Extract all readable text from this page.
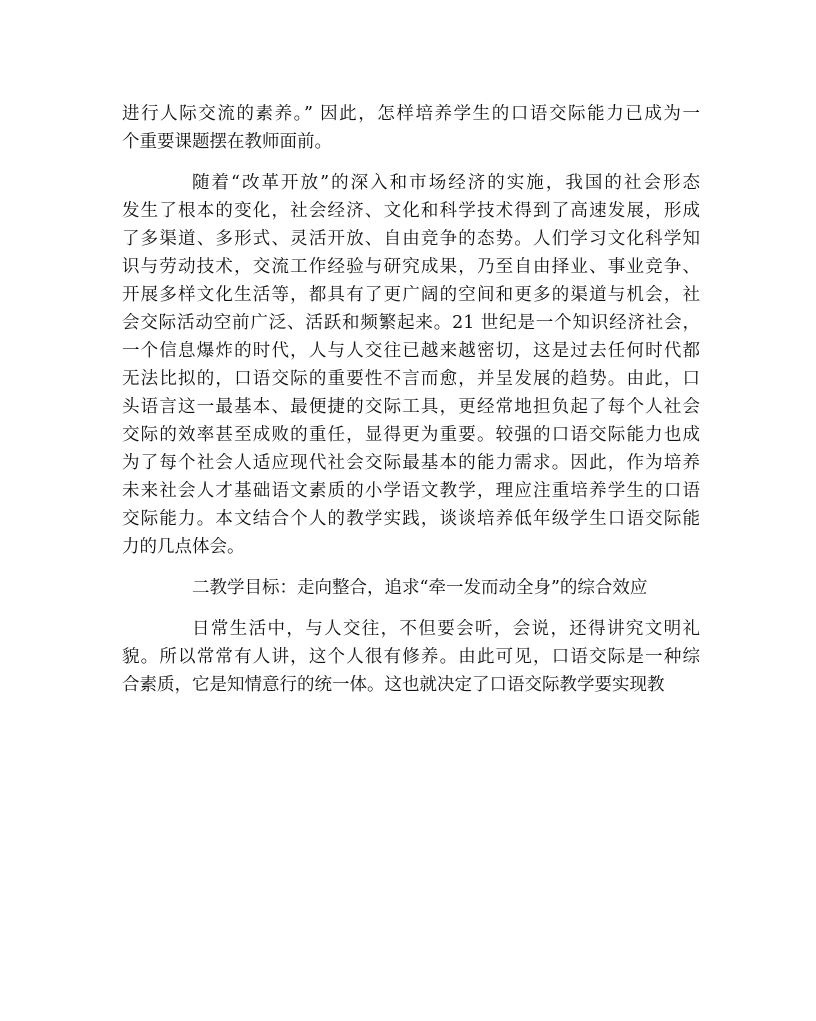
进行人际交流的素养。” 因此，怎样培养学生的口语交际能力已成为一
个重要课题摆在教师面前。
随着“改革开放”的深入和市场经济的实施，我国的社会形态
发生了根本的变化，社会经济、文化和科学技术得到了高速发展，形成
了多渠道、多形式、灵活开放、自由竞争的态势。人们学习文化科学知
识与劳动技术，交流工作经验与研究成果，乃至自由择业、事业竞争、
开展多样文化生活等，都具有了更广阔的空间和更多的渠道与机会，社
会交际活动空前广泛、活跃和频繁起来。21 世纪是一个知识经济社会，
一个信息爆炸的时代，人与人交往已越来越密切，这是过去任何时代都
无法比拟的，口语交际的重要性不言而愈，并呈发展的趋势。由此，口
头语言这一最基本、最便捷的交际工具，更经常地担负起了每个人社会
交际的效率甚至成败的重任，显得更为重要。较强的口语交际能力也成
为了每个社会人适应现代社会交际最基本的能力需求。因此，作为培养
未来社会人才基础语文素质的小学语文教学，理应注重培养学生的口语
交际能力。本文结合个人的教学实践，谈谈培养低年级学生口语交际能
力的几点体会。
二教学目标：走向整合，追求“牵一发而动全身”的综合效应
日常生活中，与人交往，不但要会听，会说，还得讲究文明礼
貌。所以常常有人讲，这个人很有修养。由此可见，口语交际是一种综
合素质，它是知情意行的统一体。这也就决定了口语交际教学要实现教
